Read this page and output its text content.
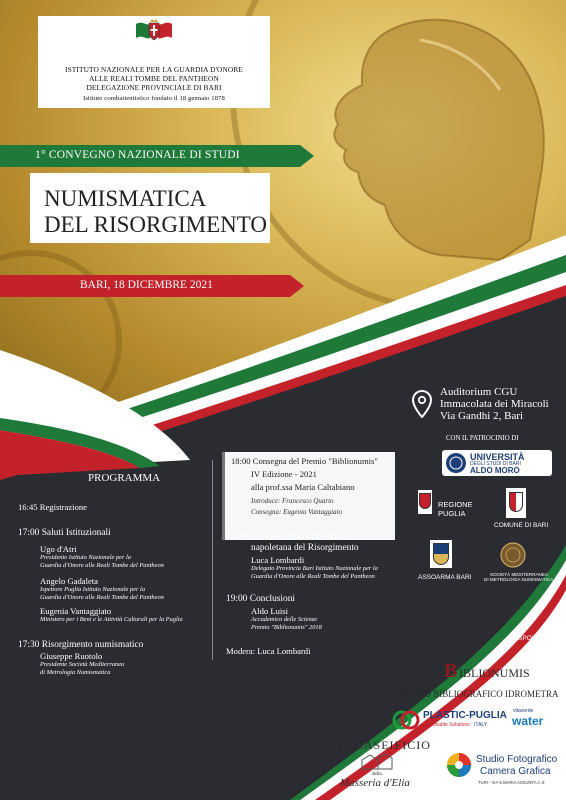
ISTITUTO NAZIONALE PER LA GUARDIA D'ONORE
ALLE REALI TOMBE DEL PANTHEON
DELEGAZIONE PROVINCIALE DI BARI
Istituto combattentistico fondato il 18 gennaio 1878
1° CONVEGNO NAZIONALE DI STUDI
NUMISMATICA
DEL RISORGIMENTO
BARI, 18 DICEMBRE 2021
Auditorium CGU
Immacolata dei Miracoli
Via Gandhi 2, Bari
CON IL PATROCINIO DI
UNIVERSITÀ
DEGLI STUDI DI BARI
ALDO MORO
REGIONE
PUGLIA
COMUNE DI BARI
ASSOARMA BARI	SOCIETÀ MEDITERRANEA
DI METROLOGIA NUMISMATICA
PROGRAMMA
16:45 Registrazione
17:00 Saluti Istituzionali
Ugo d'Atri
Presidente Istituto Nazionale per la
Guardia d'Onore alle Reali Tombe del Pantheon
Angelo Gadaleta
Ispettore Puglia Istituto Nazionale per la
Guardia d'Onore alle Reali Tombe del Pantheon
Eugenia Vantaggiato
Ministero per i Beni e le Attività Culturali per la Puglia
17:30 Risorgimento numismatico
Giuseppe Ruotolo
Presidente Società Mediterranea
di Metrologia Numismatica
18:00 Consegna del Premio "Biblionumis"
IV Edizione - 2021
alla prof.ssa Maria Caltabiano
Introduce: Francesco Quarto
Consegna: Eugenia Vantaggiato
18:30 La letteratura numismatica
napoletana del Risorgimento
Luca Lombardi
Delegato Provincia Bari Istituto Nazionale per la
Guardia d'Onore alle Reali Tombe del Pantheon
19:00 Conclusioni
Aldo Luisi
Accademico delle Scienze
Premio "Biblionumis" 2018
Modera: Luca Lombardi
SPONSOR
B IBLIONUMIS
STUDIO BIBLIOGRAFICO IDROMETRA
PLASTIC-PUGLIA
Disposable Solutions ITALY
vitaverde
water
IL CASEIFICIO
della
Masseria d'Elia
Studio Fotografico
Camera Grafica
TURI - VIA S.MARIA ASSUNTA n. 8
